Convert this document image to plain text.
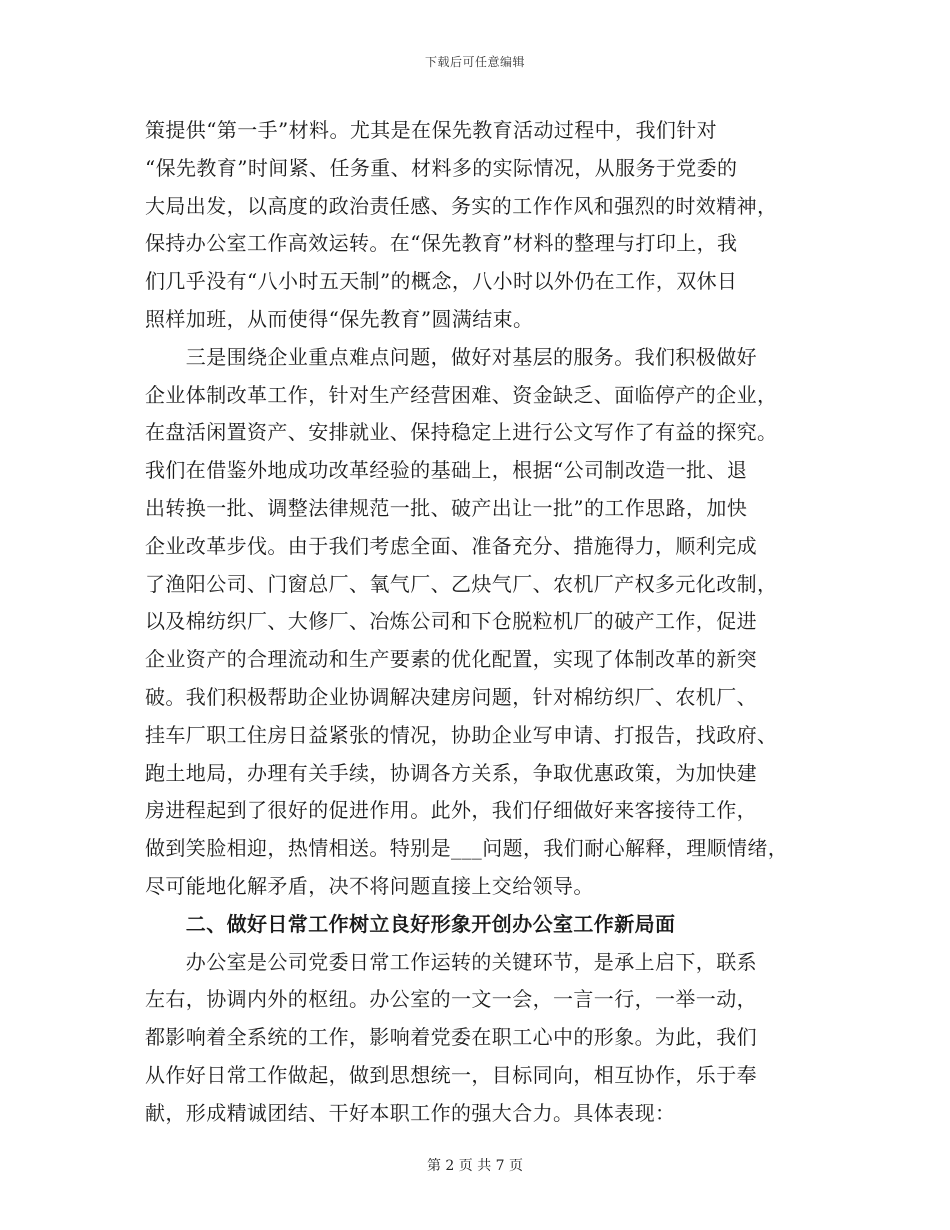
下载后可任意编辑
策提供“第一手”材料。尤其是在保先教育活动过程中，我们针对
“保先教育”时间紧、任务重、材料多的实际情况，从服务于党委的
大局出发，以高度的政治责任感、务实的工作作风和强烈的时效精神，
保持办公室工作高效运转。在“保先教育”材料的整理与打印上，我
们几乎没有“八小时五天制”的概念，八小时以外仍在工作，双休日
照样加班，从而使得“保先教育”圆满结束。
　　三是围绕企业重点难点问题，做好对基层的服务。我们积极做好
企业体制改革工作，针对生产经营困难、资金缺乏、面临停产的企业，
在盘活闲置资产、安排就业、保持稳定上进行公文写作了有益的探究。
我们在借鉴外地成功改革经验的基础上，根据“公司制改造一批、退
出转换一批、调整法律规范一批、破产出让一批”的工作思路，加快
企业改革步伐。由于我们考虑全面、准备充分、措施得力，顺利完成
了渔阳公司、门窗总厂、氧气厂、乙炔气厂、农机厂产权多元化改制，
以及棉纺织厂、大修厂、冶炼公司和下仓脱粒机厂的破产工作，促进
企业资产的合理流动和生产要素的优化配置，实现了体制改革的新突
破。我们积极帮助企业协调解决建房问题，针对棉纺织厂、农机厂、
挂车厂职工住房日益紧张的情况，协助企业写申请、打报告，找政府、
跑土地局，办理有关手续，协调各方关系，争取优惠政策，为加快建
房进程起到了很好的促进作用。此外，我们仔细做好来客接待工作，
做到笑脸相迎，热情相送。特别是___问题，我们耐心解释，理顺情绪，
尽可能地化解矛盾，决不将问题直接上交给领导。
　　二、做好日常工作树立良好形象开创办公室工作新局面
　　办公室是公司党委日常工作运转的关键环节，是承上启下，联系
左右，协调内外的枢纽。办公室的一文一会，一言一行，一举一动，
都影响着全系统的工作，影响着党委在职工心中的形象。为此，我们
从作好日常工作做起，做到思想统一，目标同向，相互协作，乐于奉
献，形成精诚团结、干好本职工作的强大合力。具体表现：
第 2 页 共 7 页
